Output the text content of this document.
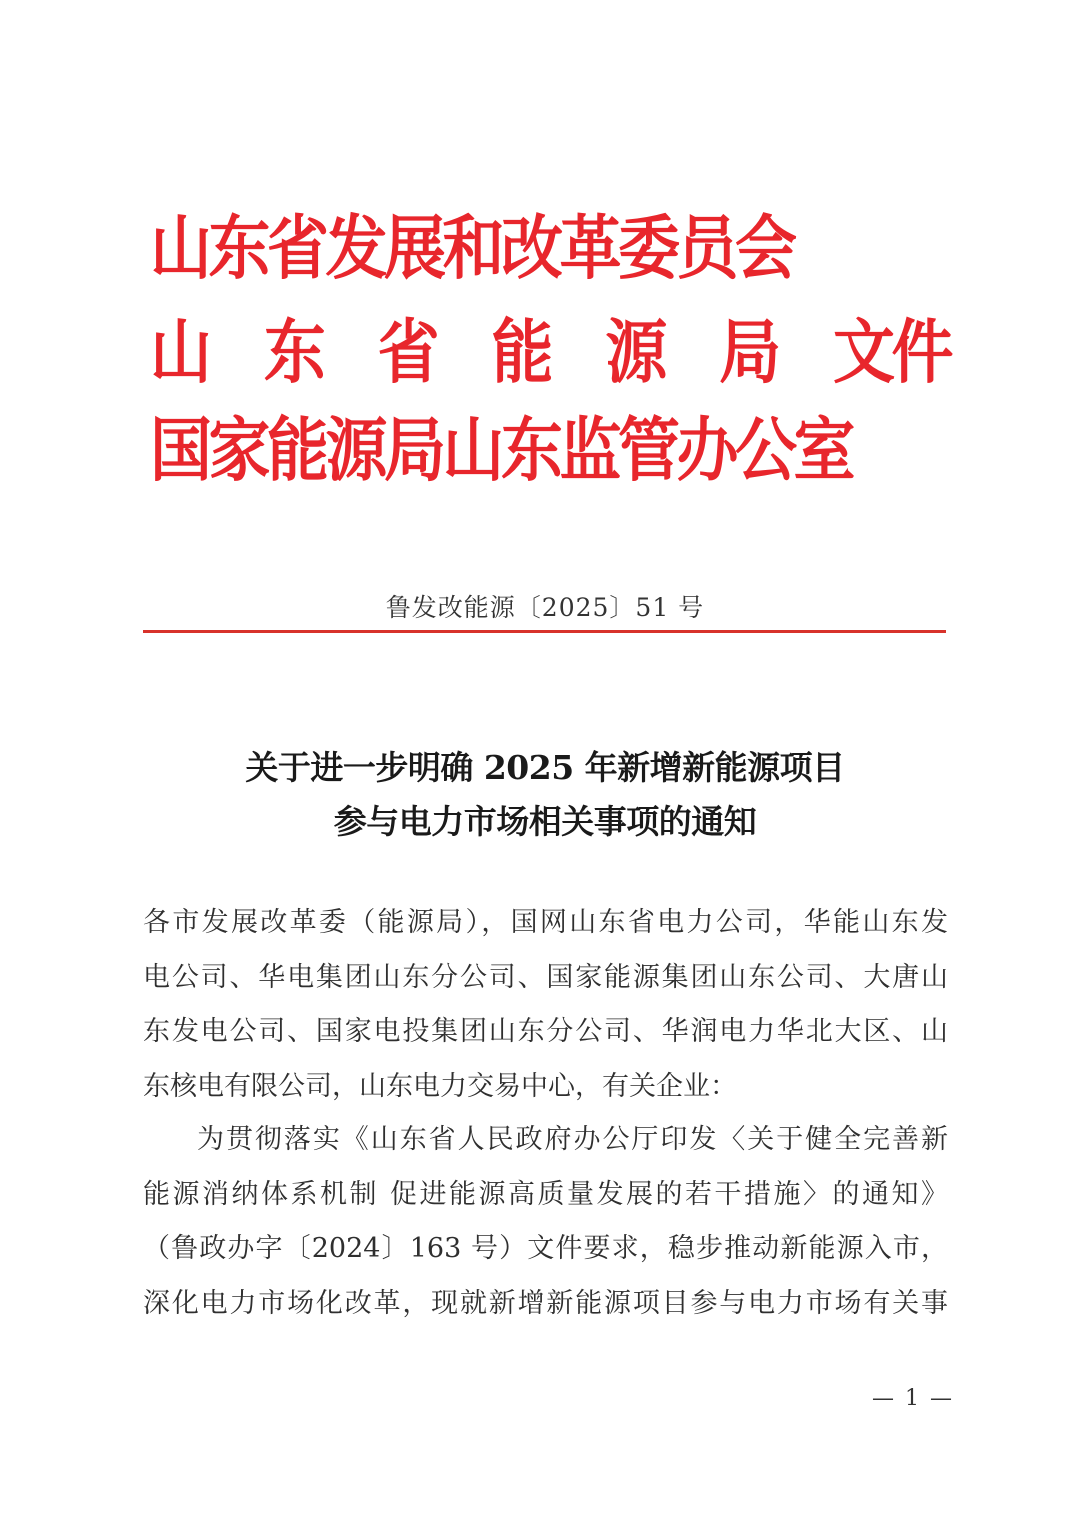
山东省发展和改革委员会
山 东 省 能 源 局 文件
国家能源局山东监管办公室
鲁发改能源〔2025〕51 号
关于进一步明确 2025 年新增新能源项目
参与电力市场相关事项的通知
各市发展改革委（能源局），国网山东省电力公司，华能山东发
电公司、华电集团山东分公司、国家能源集团山东公司、大唐山
东发电公司、国家电投集团山东分公司、华润电力华北大区、山
东核电有限公司，山东电力交易中心，有关企业：
为贯彻落实《山东省人民政府办公厅印发〈关于健全完善新
能源消纳体系机制 促进能源高质量发展的若干措施〉的通知》
（鲁政办字〔2024〕163 号）文件要求，稳步推动新能源入市，
深化电力市场化改革，现就新增新能源项目参与电力市场有关事
— 1 —
